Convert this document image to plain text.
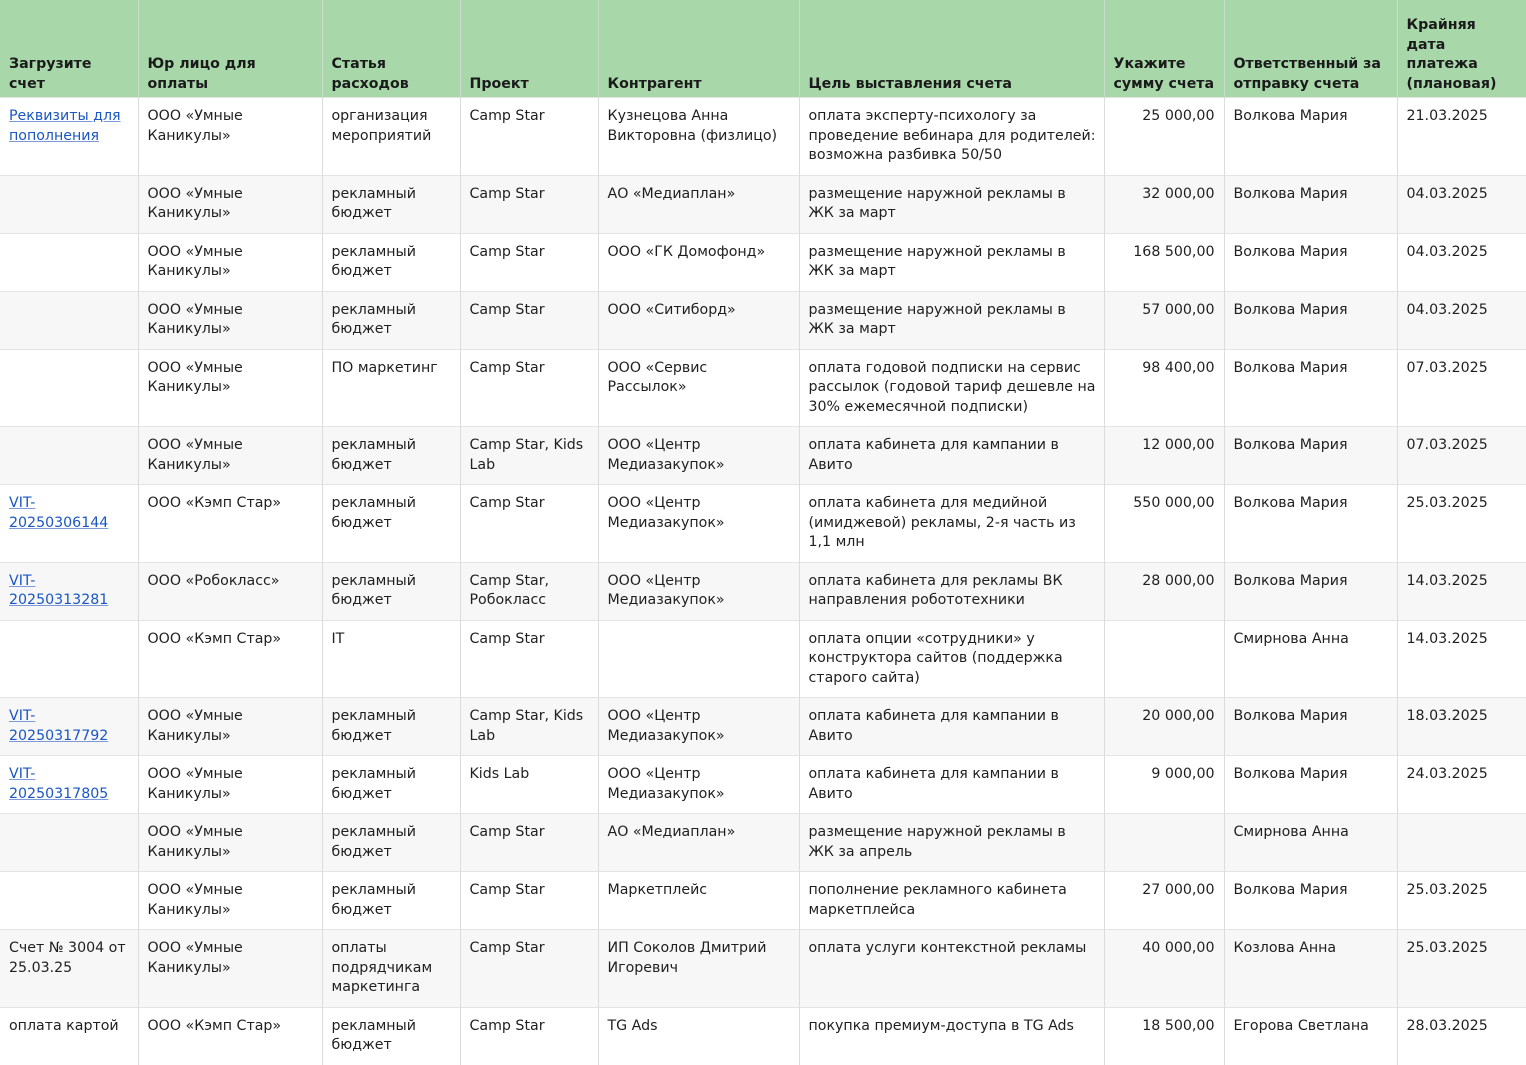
Загрузите счет	Юр лицо для оплаты	Статья расходов	Проект	Контрагент	Цель выставления счета	Укажите сумму счета	Ответственный за отправку счета	Крайняя дата платежа (плановая)
Реквизиты для пополнения	ООО «Умные Каникулы»	организация мероприятий	Camp Star	Кузнецова Анна Викторовна (физлицо)	оплата эксперту-психологу за проведение вебинара для родителей: возможна разбивка 50/50	25 000,00	Волкова Мария	21.03.2025
	ООО «Умные Каникулы»	рекламный бюджет	Camp Star	АО «Медиаплан»	размещение наружной рекламы в ЖК за март	32 000,00	Волкова Мария	04.03.2025
	ООО «Умные Каникулы»	рекламный бюджет	Camp Star	ООО «ГК Домофонд»	размещение наружной рекламы в ЖК за март	168 500,00	Волкова Мария	04.03.2025
	ООО «Умные Каникулы»	рекламный бюджет	Camp Star	ООО «Ситиборд»	размещение наружной рекламы в ЖК за март	57 000,00	Волкова Мария	04.03.2025
	ООО «Умные Каникулы»	ПО маркетинг	Camp Star	ООО «Сервис Рассылок»	оплата годовой подписки на сервис рассылок (годовой тариф дешевле на 30% ежемесячной подписки)	98 400,00	Волкова Мария	07.03.2025
	ООО «Умные Каникулы»	рекламный бюджет	Camp Star, Kids Lab	ООО «Центр Медиазакупок»	оплата кабинета для кампании в Авито	12 000,00	Волкова Мария	07.03.2025
VIT-20250306144	ООО «Кэмп Стар»	рекламный бюджет	Camp Star	ООО «Центр Медиазакупок»	оплата кабинета для медийной (имиджевой) рекламы, 2-я часть из 1,1 млн	550 000,00	Волкова Мария	25.03.2025
VIT-20250313281	ООО «Робокласс»	рекламный бюджет	Camp Star, Робокласс	ООО «Центр Медиазакупок»	оплата кабинета для рекламы ВК направления робототехники	28 000,00	Волкова Мария	14.03.2025
	ООО «Кэмп Стар»	IT	Camp Star		оплата опции «сотрудники» у конструктора сайтов (поддержка старого сайта)		Смирнова Анна	14.03.2025
VIT-20250317792	ООО «Умные Каникулы»	рекламный бюджет	Camp Star, Kids Lab	ООО «Центр Медиазакупок»	оплата кабинета для кампании в Авито	20 000,00	Волкова Мария	18.03.2025
VIT-20250317805	ООО «Умные Каникулы»	рекламный бюджет	Kids Lab	ООО «Центр Медиазакупок»	оплата кабинета для кампании в Авито	9 000,00	Волкова Мария	24.03.2025
	ООО «Умные Каникулы»	рекламный бюджет	Camp Star	АО «Медиаплан»	размещение наружной рекламы в ЖК за апрель		Смирнова Анна	
	ООО «Умные Каникулы»	рекламный бюджет	Camp Star	Маркетплейс	пополнение рекламного кабинета маркетплейса	27 000,00	Волкова Мария	25.03.2025
Счет № 3004 от 25.03.25	ООО «Умные Каникулы»	оплаты подрядчикам маркетинга	Camp Star	ИП Соколов Дмитрий Игоревич	оплата услуги контекстной рекламы	40 000,00	Козлова Анна	25.03.2025
оплата картой	ООО «Кэмп Стар»	рекламный бюджет	Camp Star	TG Ads	покупка премиум-доступа в TG Ads	18 500,00	Егорова Светлана	28.03.2025
